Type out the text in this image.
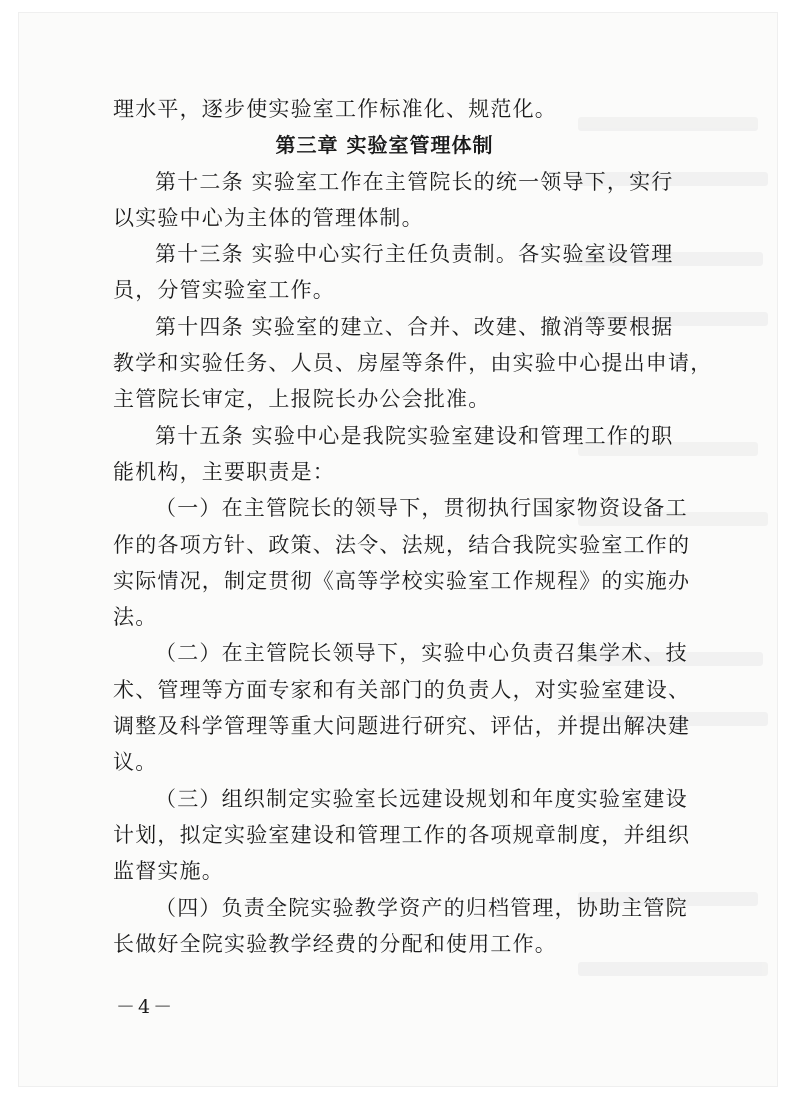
理水平，逐步使实验室工作标准化、规范化。
第三章 实验室管理体制
第十二条 实验室工作在主管院长的统一领导下，实行
以实验中心为主体的管理体制。
第十三条 实验中心实行主任负责制。各实验室设管理
员，分管实验室工作。
第十四条 实验室的建立、合并、改建、撤消等要根据
教学和实验任务、人员、房屋等条件，由实验中心提出申请，
主管院长审定，上报院长办公会批准。
第十五条 实验中心是我院实验室建设和管理工作的职
能机构，主要职责是：
（一）在主管院长的领导下，贯彻执行国家物资设备工
作的各项方针、政策、法令、法规，结合我院实验室工作的
实际情况，制定贯彻《高等学校实验室工作规程》的实施办
法。
（二）在主管院长领导下，实验中心负责召集学术、技
术、管理等方面专家和有关部门的负责人，对实验室建设、
调整及科学管理等重大问题进行研究、评估，并提出解决建
议。
（三）组织制定实验室长远建设规划和年度实验室建设
计划，拟定实验室建设和管理工作的各项规章制度，并组织
监督实施。
（四）负责全院实验教学资产的归档管理，协助主管院
长做好全院实验教学经费的分配和使用工作。
－4－
